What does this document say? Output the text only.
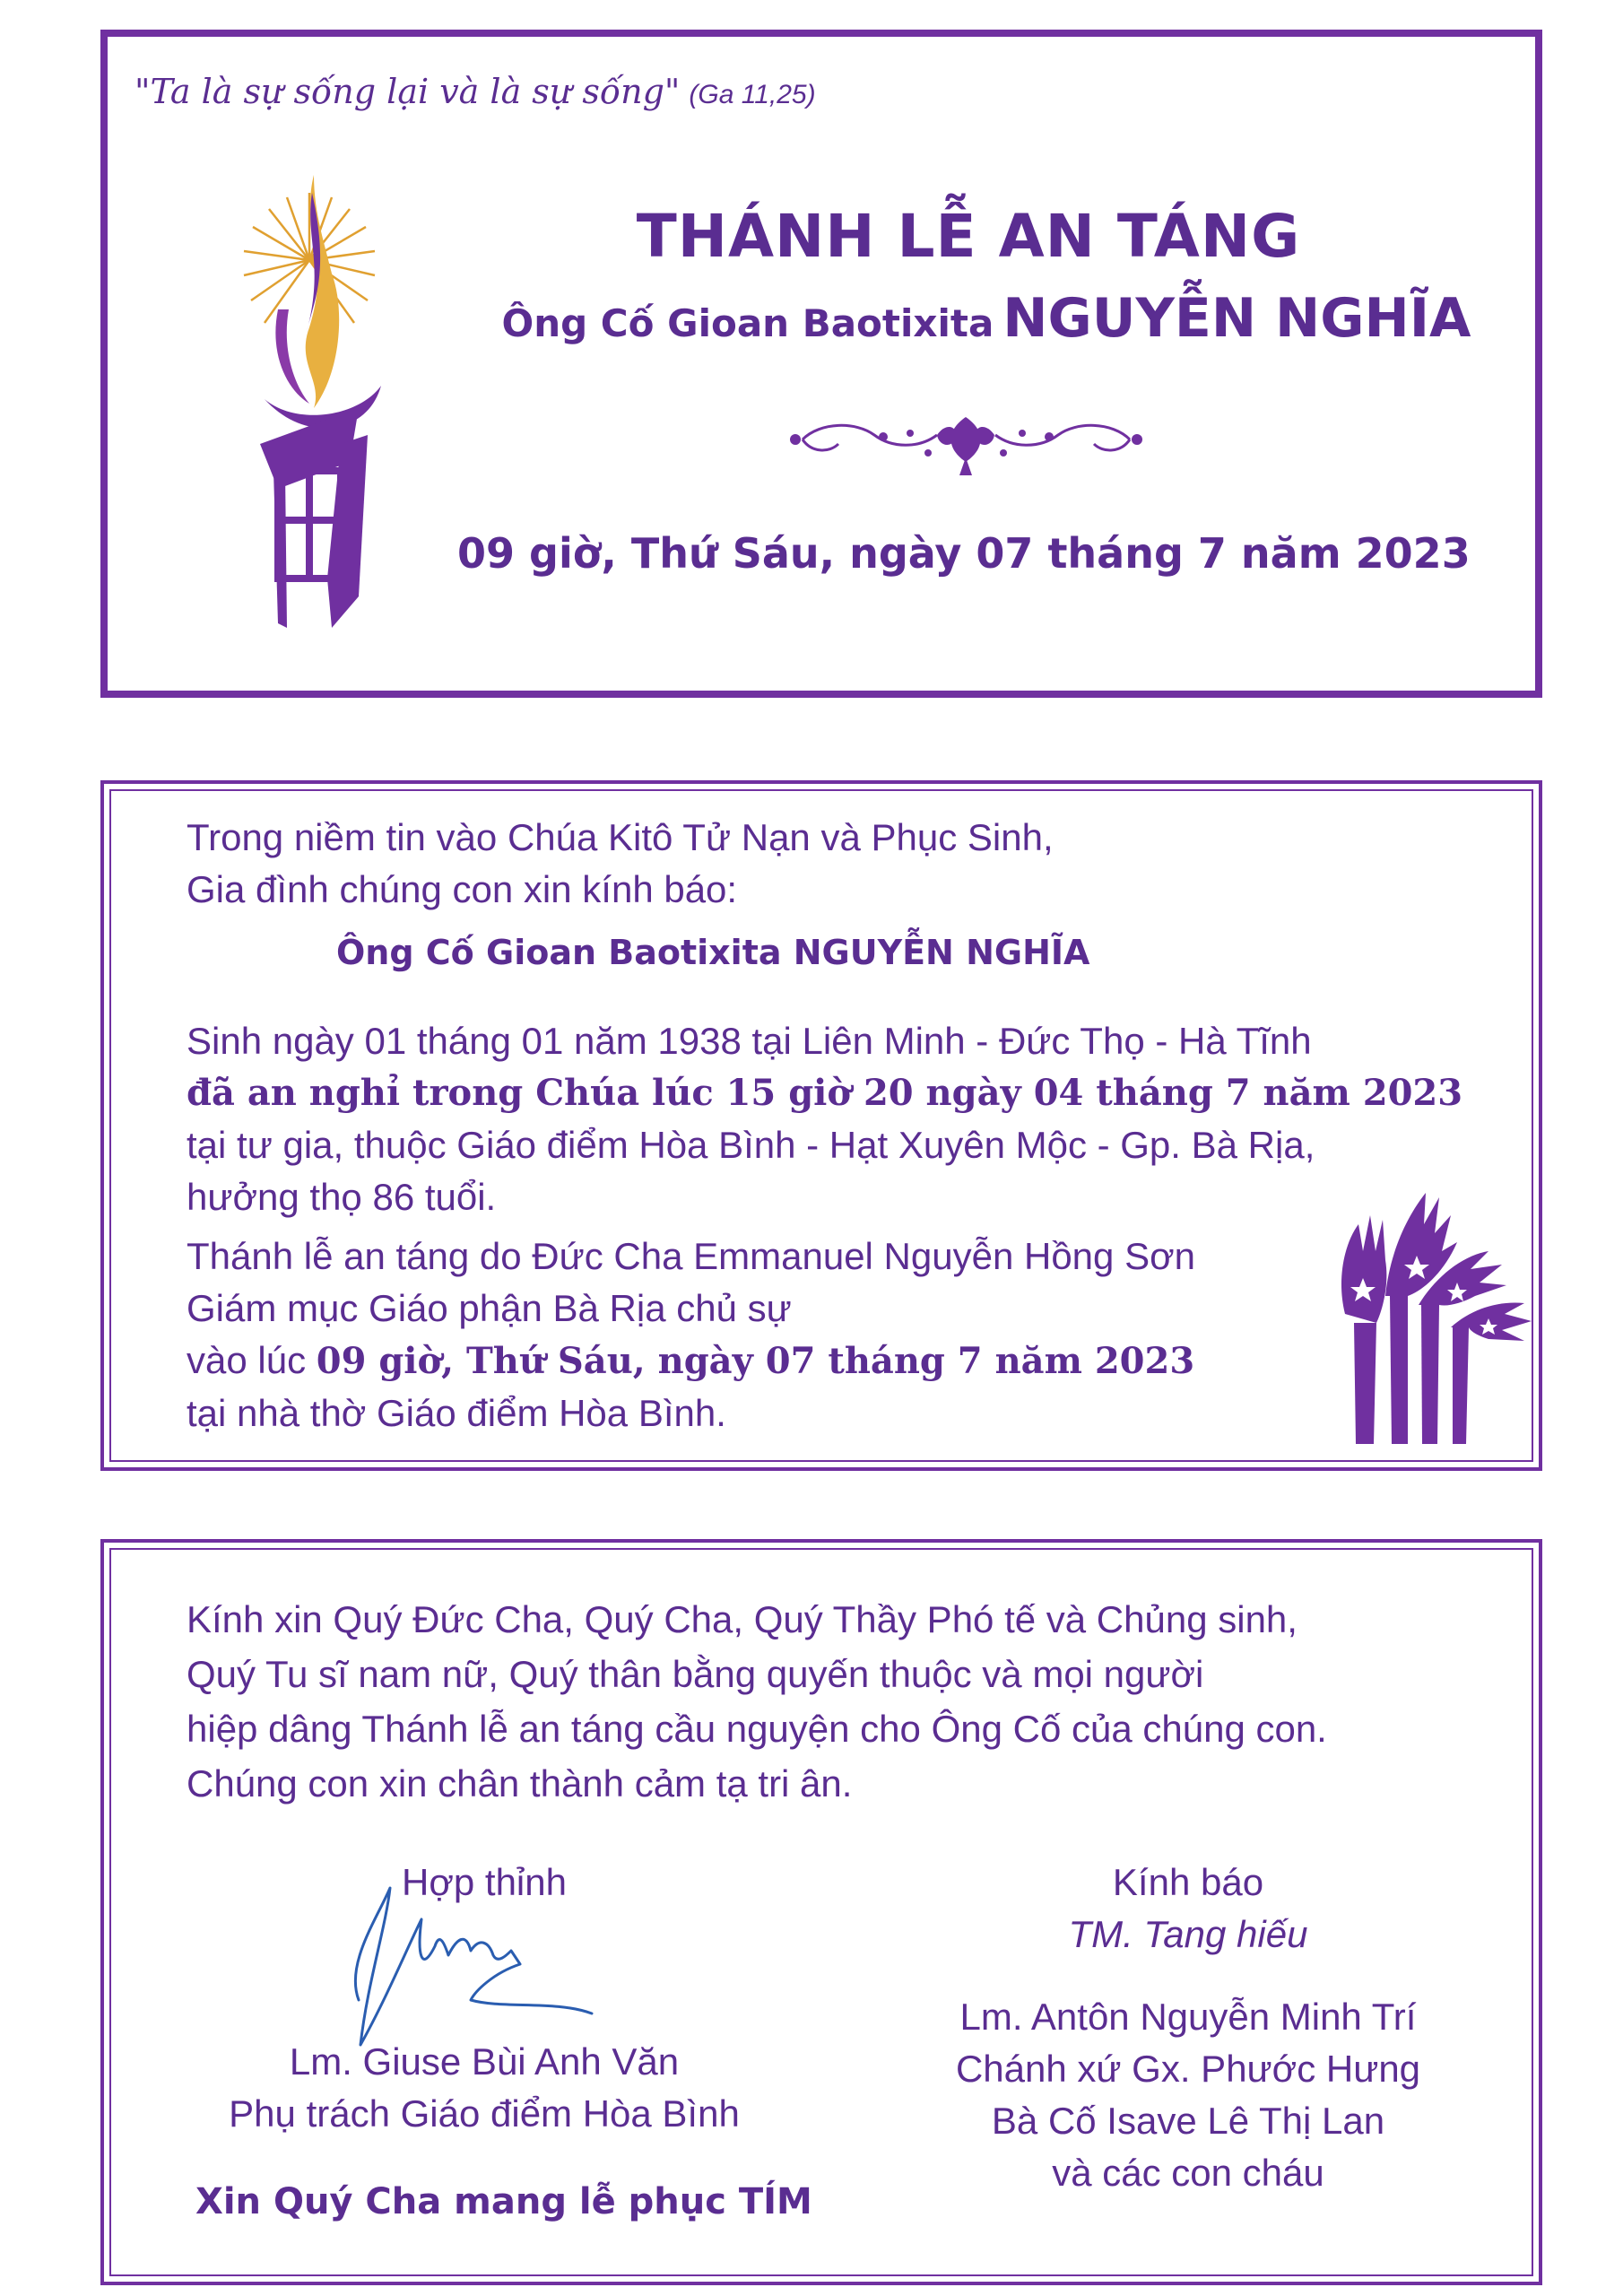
"Ta là sự sống lại và là sự sống" (Ga 11,25)
THÁNH LỄ AN TÁNG
Ông Cố Gioan Baotixita NGUYỄN NGHĨA
09 giờ, Thứ Sáu, ngày 07 tháng 7 năm 2023
Trong niềm tin vào Chúa Kitô Tử Nạn và Phục Sinh,
Gia đình chúng con xin kính báo:
Ông Cố Gioan Baotixita NGUYỄN NGHĨA
Sinh ngày 01 tháng 01 năm 1938 tại Liên Minh - Đức Thọ - Hà Tĩnh
đã an nghỉ trong Chúa lúc 15 giờ 20 ngày 04 tháng 7 năm 2023
tại tư gia, thuộc Giáo điểm Hòa Bình - Hạt Xuyên Mộc - Gp. Bà Rịa,
hưởng thọ 86 tuổi.
Thánh lễ an táng do Đức Cha Emmanuel Nguyễn Hồng Sơn
Giám mục Giáo phận Bà Rịa chủ sự
vào lúc 09 giờ, Thứ Sáu, ngày 07 tháng 7 năm 2023
tại nhà thờ Giáo điểm Hòa Bình.
Kính xin Quý Đức Cha, Quý Cha, Quý Thầy Phó tế và Chủng sinh,
Quý Tu sĩ nam nữ, Quý thân bằng quyến thuộc và mọi người
hiệp dâng Thánh lễ an táng cầu nguyện cho Ông Cố của chúng con.
Chúng con xin chân thành cảm tạ tri ân.
Hợp thỉnh
Lm. Giuse Bùi Anh Văn
Phụ trách Giáo điểm Hòa Bình
Kính báo
TM. Tang hiếu
Lm. Antôn Nguyễn Minh Trí
Chánh xứ Gx. Phước Hưng
Bà Cố Isave Lê Thị Lan
và các con cháu
Xin Quý Cha mang lễ phục TÍM
